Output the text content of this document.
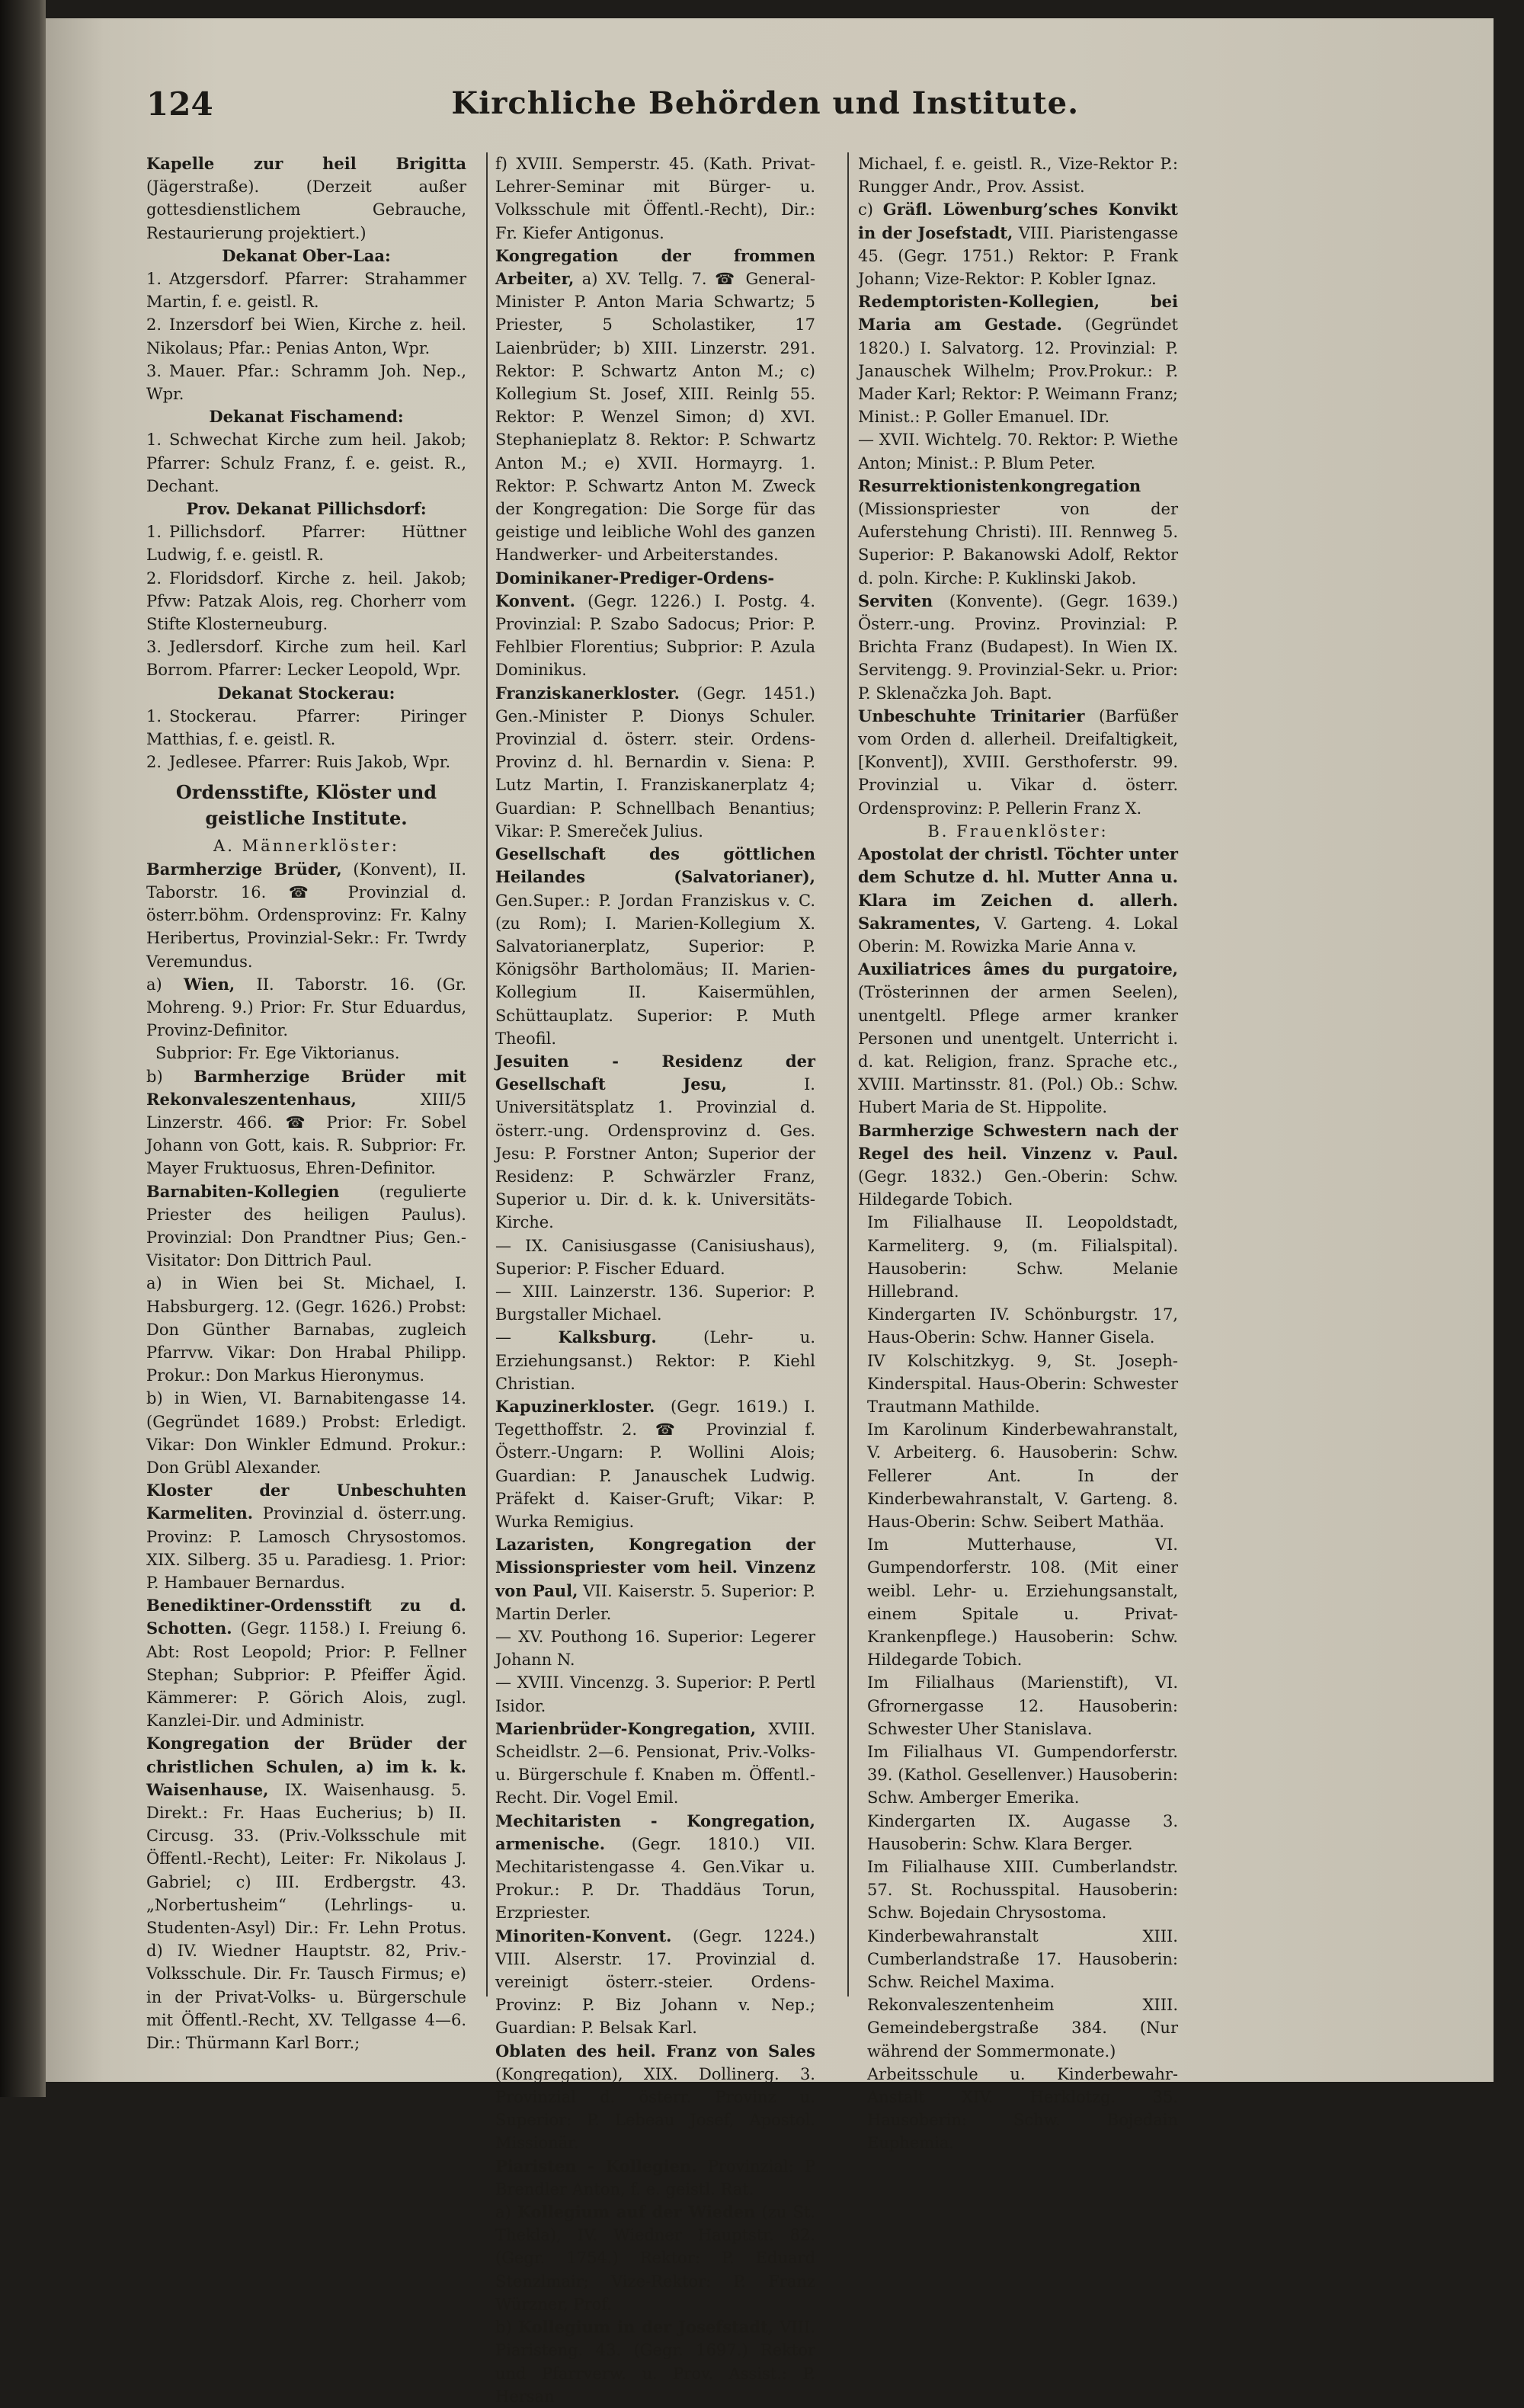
124	Kirchliche Behörden und Institute.

Kapelle zur heil Brigitta (Jägerstraße). (Derzeit außer gottesdienstlichem Gebrauche, Restaurierung projektiert.)

Dekanat Ober-Laa:

1. Atzgersdorf. Pfarrer: Strahammer Martin, f. e. geistl. R.

2. Inzersdorf bei Wien, Kirche z. heil. Nikolaus; Pfar.: Penias Anton, Wpr.

3. Mauer. Pfar.: Schramm Joh. Nep., Wpr.

Dekanat Fischamend:

1. Schwechat Kirche zum heil. Jakob; Pfarrer: Schulz Franz, f. e. geist. R., Dechant.

Prov. Dekanat Pillichsdorf:

1. Pillichsdorf. Pfarrer: Hüttner Ludwig, f. e. geistl. R.

2. Floridsdorf. Kirche z. heil. Jakob; Pfvw: Patzak Alois, reg. Chorherr vom Stifte Klosterneuburg.

3. Jedlersdorf. Kirche zum heil. Karl Borrom. Pfarrer: Lecker Leopold, Wpr.

Dekanat Stockerau:

1. Stockerau. Pfarrer: Piringer Matthias, f. e. geistl. R.

2. Jedlesee. Pfarrer: Ruis Jakob, Wpr.

Ordensstifte, Klöster und geistliche Institute.

A. Männerklöster:

Barmherzige Brüder, (Konvent), II. Taborstr. 16. ☎ Provinzial d. österr.böhm. Ordensprovinz: Fr. Kalny Heribertus, Provinzial-Sekr.: Fr. Twrdy Veremundus.

a) Wien, II. Taborstr. 16. (Gr. Mohreng. 9.) Prior: Fr. Stur Eduardus, Provinz-Definitor.

Subprior: Fr. Ege Viktorianus.

b) Barmherzige Brüder mit Rekonvaleszentenhaus, XIII/5 Linzerstr. 466. ☎ Prior: Fr. Sobel Johann von Gott, kais. R. Subprior: Fr. Mayer Fruktuosus, Ehren-Definitor.

Barnabiten-Kollegien (regulierte Priester des heiligen Paulus). Provinzial: Don Prandtner Pius; Gen.-Visitator: Don Dittrich Paul.

a) in Wien bei St. Michael, I. Habsburgerg. 12. (Gegr. 1626.) Probst: Don Günther Barnabas, zugleich Pfarrvw. Vikar: Don Hrabal Philipp. Prokur.: Don Markus Hieronymus.

b) in Wien, VI. Barnabitengasse 14. (Gegründet 1689.) Probst: Erledigt. Vikar: Don Winkler Edmund. Prokur.: Don Grübl Alexander.

Kloster der Unbeschuhten Karmeliten. Provinzial d. österr.ung. Provinz: P. Lamosch Chrysostomos. XIX. Silberg. 35 u. Paradiesg. 1. Prior: P. Hambauer Bernardus.

Benediktiner-Ordensstift zu d. Schotten. (Gegr. 1158.) I. Freiung 6. Abt: Rost Leopold; Prior: P. Fellner Stephan; Subprior: P. Pfeiffer Ägid. Kämmerer: P. Görich Alois, zugl. Kanzlei-Dir. und Administr.

Kongregation der Brüder der christlichen Schulen, a) im k. k. Waisenhause, IX. Waisenhausg. 5. Direkt.: Fr. Haas Eucherius; b) II. Circusg. 33. (Priv.-Volksschule mit Öffentl.-Recht), Leiter: Fr. Nikolaus J. Gabriel; c) III. Erdbergstr. 43. „Norbertusheim“ (Lehrlings- u. Studenten-Asyl) Dir.: Fr. Lehn Protus. d) IV. Wiedner Hauptstr. 82, Priv.-Volksschule. Dir. Fr. Tausch Firmus; e) in der Privat-Volks- u. Bürgerschule mit Öffentl.-Recht, XV. Tellgasse 4—6. Dir.: Thürmann Karl Borr.;

f) XVIII. Semperstr. 45. (Kath. Privat-Lehrer-Seminar mit Bürger- u. Volksschule mit Öffentl.-Recht), Dir.: Fr. Kiefer Antigonus.

Kongregation der frommen Arbeiter, a) XV. Tellg. 7. ☎ General-Minister P. Anton Maria Schwartz; 5 Priester, 5 Scholastiker, 17 Laienbrüder; b) XIII. Linzerstr. 291. Rektor: P. Schwartz Anton M.; c) Kollegium St. Josef, XIII. Reinlg 55. Rektor: P. Wenzel Simon; d) XVI. Stephanieplatz 8. Rektor: P. Schwartz Anton M.; e) XVII. Hormayrg. 1. Rektor: P. Schwartz Anton M. Zweck der Kongregation: Die Sorge für das geistige und leibliche Wohl des ganzen Handwerker- und Arbeiterstandes.

Dominikaner-Prediger-Ordens-Konvent. (Gegr. 1226.) I. Postg. 4. Provinzial: P. Szabo Sadocus; Prior: P. Fehlbier Florentius; Subprior: P. Azula Dominikus.

Franziskanerkloster. (Gegr. 1451.) Gen.-Minister P. Dionys Schuler. Provinzial d. österr. steir. Ordens-Provinz d. hl. Bernardin v. Siena: P. Lutz Martin, I. Franziskanerplatz 4; Guardian: P. Schnellbach Benantius; Vikar: P. Smereček Julius.

Gesellschaft des göttlichen Heilandes (Salvatorianer), Gen.Super.: P. Jordan Franziskus v. C. (zu Rom); I. Marien-Kollegium X. Salvatorianerplatz, Superior: P. Königsöhr Bartholomäus; II. Marien-Kollegium II. Kaisermühlen, Schüttauplatz. Superior: P. Muth Theofil.

Jesuiten - Residenz der Gesellschaft Jesu, I. Universitätsplatz 1. Provinzial d. österr.-ung. Ordensprovinz d. Ges. Jesu: P. Forstner Anton; Superior der Residenz: P. Schwärzler Franz, Superior u. Dir. d. k. k. Universitäts-Kirche.

— IX. Canisiusgasse (Canisiushaus), Superior: P. Fischer Eduard.

— XIII. Lainzerstr. 136. Superior: P. Burgstaller Michael.

— Kalksburg. (Lehr- u. Erziehungsanst.) Rektor: P. Kiehl Christian.

Kapuzinerkloster. (Gegr. 1619.) I. Tegetthoffstr. 2. ☎ Provinzial f. Österr.-Ungarn: P. Wollini Alois; Guardian: P. Janauschek Ludwig. Präfekt d. Kaiser-Gruft; Vikar: P. Wurka Remigius.

Lazaristen, Kongregation der Missionspriester vom heil. Vinzenz von Paul, VII. Kaiserstr. 5. Superior: P. Martin Derler.

— XV. Pouthong 16. Superior: Legerer Johann N.

— XVIII. Vincenzg. 3. Superior: P. Pertl Isidor.

Marienbrüder-Kongregation, XVIII. Scheidlstr. 2—6. Pensionat, Priv.-Volks- u. Bürgerschule f. Knaben m. Öffentl.-Recht. Dir. Vogel Emil.

Mechitaristen - Kongregation, armenische. (Gegr. 1810.) VII. Mechitaristengasse 4. Gen.Vikar u. Prokur.: P. Dr. Thaddäus Torun, Erzpriester.

Minoriten-Konvent. (Gegr. 1224.) VIII. Alserstr. 17. Provinzial d. vereinigt österr.-steier. Ordens-Provinz: P. Biz Johann v. Nep.; Guardian: P. Belsak Karl.

Oblaten des heil. Franz von Sales (Kongregation), XIX. Dollinerg. 3. Provinzial d. österr. Provinz u. Superior: P. Lebeau Josef, Apostol. Missionär.

Piaristen - Kollegien. Provinzial: P Brendler Anton, f. e. geistl. Rat.

a) Kollegium auf der Wieden (zu St. Thekla), IV. Wiedner Hauptstr. 82. (Gegr. 1754.) Rektor: P. Eduard Stenzlmair; Vize-Rektor: P. Franz Würzner, Prof.

b) Kollegium in der Josefstadt, VIII. Piaristeng. 43. (Gegr. 1697.) Rektor und Pfarrverw. u. Prov. Assist.: P. Hersan

Michael, f. e. geistl. R., Vize-Rektor P.: Rungger Andr., Prov. Assist.

c) Gräfl. Löwenburg’sches Konvikt in der Josefstadt, VIII. Piaristengasse 45. (Gegr. 1751.) Rektor: P. Frank Johann; Vize-Rektor: P. Kobler Ignaz.

Redemptoristen-Kollegien, bei Maria am Gestade. (Gegründet 1820.) I. Salvatorg. 12. Provinzial: P. Janauschek Wilhelm; Prov.Prokur.: P. Mader Karl; Rektor: P. Weimann Franz; Minist.: P. Goller Emanuel. IDr.

— XVII. Wichtelg. 70. Rektor: P. Wiethe Anton; Minist.: P. Blum Peter.

Resurrektionistenkongregation (Missionspriester von der Auferstehung Christi). III. Rennweg 5. Superior: P. Bakanowski Adolf, Rektor d. poln. Kirche: P. Kuklinski Jakob.

Serviten (Konvente). (Gegr. 1639.) Österr.-ung. Provinz. Provinzial: P. Brichta Franz (Budapest). In Wien IX. Servitengg. 9. Provinzial-Sekr. u. Prior: P. Sklenačzka Joh. Bapt.

Unbeschuhte Trinitarier (Barfüßer vom Orden d. allerheil. Dreifaltigkeit, [Konvent]), XVIII. Gersthoferstr. 99. Provinzial u. Vikar d. österr. Ordensprovinz: P. Pellerin Franz X.

B. Frauenklöster:

Apostolat der christl. Töchter unter dem Schutze d. hl. Mutter Anna u. Klara im Zeichen d. allerh. Sakramentes, V. Garteng. 4. Lokal Oberin: M. Rowizka Marie Anna v.

Auxiliatrices âmes du purgatoire, (Trösterinnen der armen Seelen), unentgeltl. Pflege armer kranker Personen und unentgelt. Unterricht i. d. kat. Religion, franz. Sprache etc., XVIII. Martinsstr. 81. (Pol.) Ob.: Schw. Hubert Maria de St. Hippolite.

Barmherzige Schwestern nach der Regel des heil. Vinzenz v. Paul. (Gegr. 1832.) Gen.-Oberin: Schw. Hildegarde Tobich.

Im Filialhause II. Leopoldstadt, Karmeliterg. 9, (m. Filialspital). Hausoberin: Schw. Melanie Hillebrand.

Kindergarten IV. Schönburgstr. 17, Haus-Oberin: Schw. Hanner Gisela.

IV Kolschitzkyg. 9, St. Joseph-Kinderspital. Haus-Oberin: Schwester Trautmann Mathilde.

Im Karolinum Kinderbewahranstalt, V. Arbeiterg. 6. Hausoberin: Schw. Fellerer Ant. In der Kinderbewahranstalt, V. Garteng. 8. Haus-Oberin: Schw. Seibert Mathäa.

Im Mutterhause, VI. Gumpendorferstr. 108. (Mit einer weibl. Lehr- u. Erziehungsanstalt, einem Spitale u. Privat-Krankenpflege.) Hausoberin: Schw. Hildegarde Tobich.

Im Filialhaus (Marienstift), VI. Gfrornergasse 12. Hausoberin: Schwester Uher Stanislava.

Im Filialhaus VI. Gumpendorferstr. 39. (Kathol. Gesellenver.) Hausoberin: Schw. Amberger Emerika.

Kindergarten IX. Augasse 3. Hausoberin: Schw. Klara Berger.

Im Filialhause XIII. Cumberlandstr. 57. St. Rochusspital. Hausoberin: Schw. Bojedain Chrysostoma.

Kinderbewahranstalt XIII. Cumberlandstraße 17. Hausoberin: Schw. Reichel Maxima.

Rekonvaleszentenheim XIII. Gemeindebergstraße 384. (Nur während der Sommermonate.)

Arbeitsschule u. Kinderbewahr-Anstalt XIV. Herklotzg. 35. Hausoberin: Schw. Bojedain Euphemia.
